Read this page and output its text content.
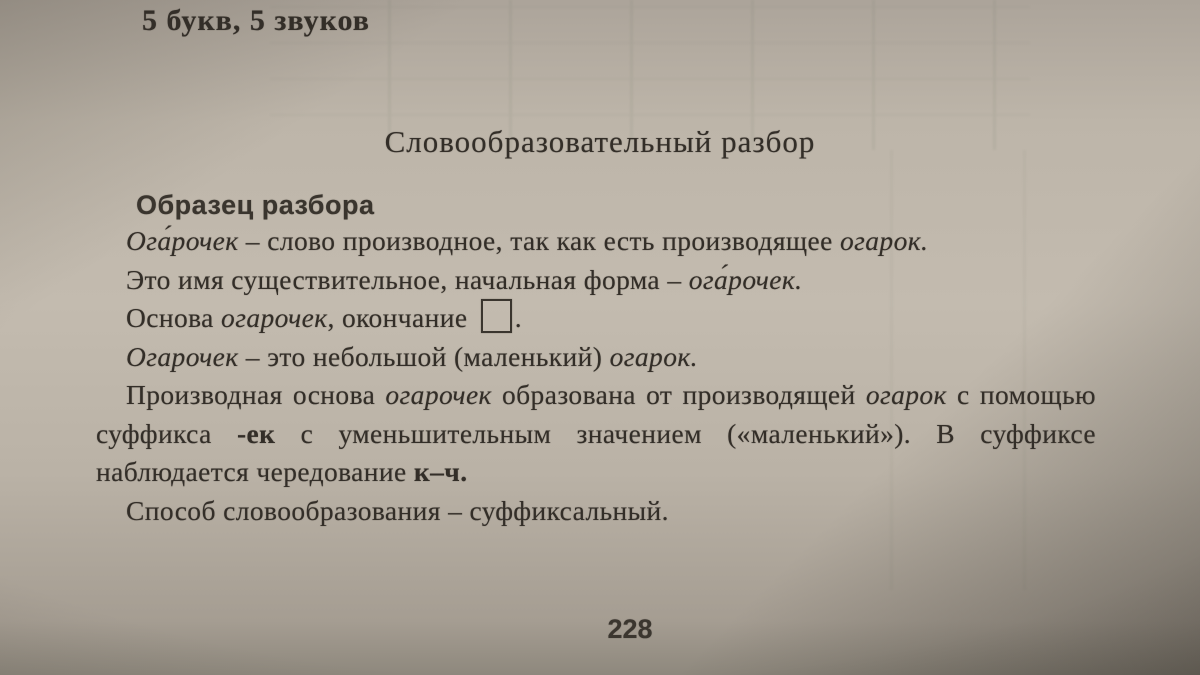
5 букв, 5 звуков
Словообразовательный разбор
Образец разбора

Ога́рочек – слово производное, так как есть производящее огарок.

Это имя существительное, начальная форма – ога́рочек.

Основа огарочек, окончание .

Огарочек – это небольшой (маленький) огарок.

Производная основа огарочек образована от производящей огарок с помощью суффикса -ек с уменьшительным значением («маленький»). В суффиксе наблюдается чередование к–ч.

Способ словообразования – суффиксальный.

228
